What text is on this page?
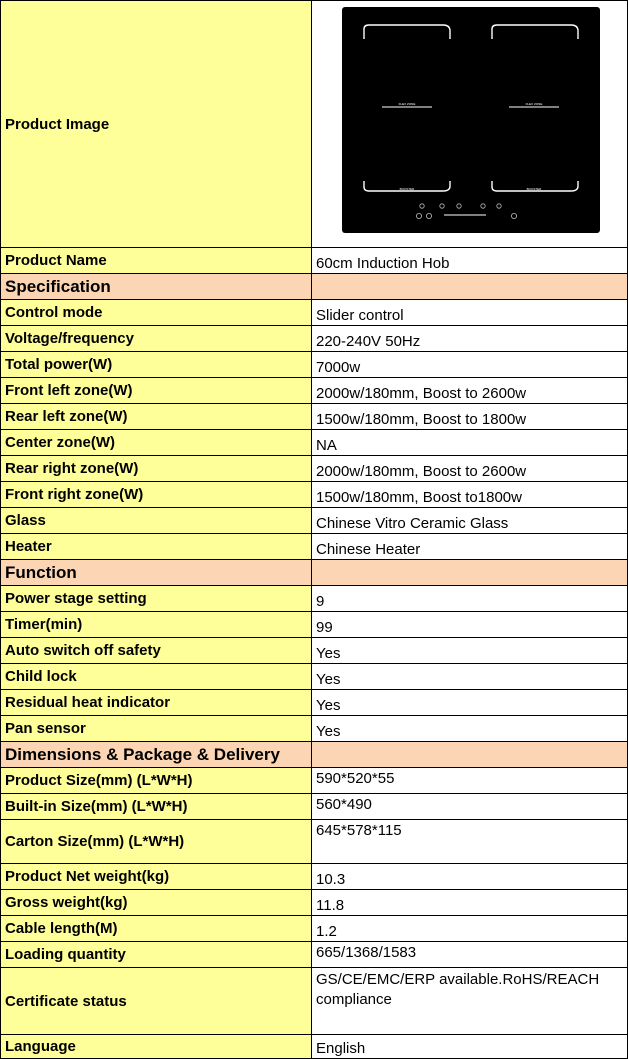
Product Image	FLEX ZONE FLEX ZONE
BOOSTER BOOSTER

Product Name	60cm Induction Hob
Specification	
Control mode	Slider control
Voltage/frequency	220-240V 50Hz
Total power(W)	7000w
Front left zone(W)	2000w/180mm, Boost to 2600w
Rear left zone(W)	1500w/180mm, Boost to 1800w
Center zone(W)	NA
Rear right zone(W)	2000w/180mm, Boost to 2600w
Front right zone(W)	1500w/180mm, Boost to1800w
Glass	Chinese Vitro Ceramic Glass
Heater	Chinese Heater
Function	
Power stage setting	9
Timer(min)	99
Auto switch off safety	Yes
Child lock	Yes
Residual heat indicator	Yes
Pan sensor	Yes
Dimensions & Package & Delivery	
Product Size(mm) (L*W*H)	590*520*55
Built-in Size(mm) (L*W*H)	560*490
Carton Size(mm) (L*W*H)	645*578*115
Product Net weight(kg)	10.3
Gross weight(kg)	11.8
Cable length(M)	1.2
Loading quantity	665/1368/1583
Certificate status	GS/CE/EMC/ERP available.RoHS/REACH compliance
Language	English
